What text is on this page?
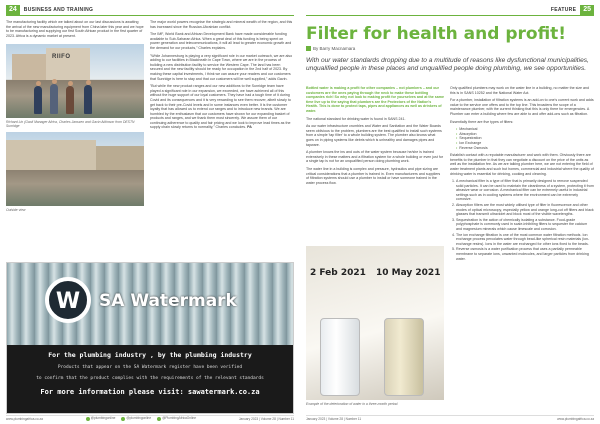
24	BUSINESS AND TRAINING

The manufacturing facility which we talked about on our last discussions is awaiting the arrival of the new manufacturing equipment from China later this year and we hope to be manufacturing and supplying our first South African product in the first quarter of 2023. Africa is a dynamic market at present.

RIIFO
Richard Lin (Gaoli Manager Africa, Charles Janssen and Gavin Atkinson from DESTN Sunridge
Outside view

The major world powers recognise the strategic and mineral wealth of the region, and this has increased since the Russian-Ukrainian conflict.

The IMF, World Bank and African Development Bank have made considerable funding available to Sub-Saharan Africa. When a great deal of this funding is being spent on power generation and telecommunications, it will all lead to greater economic growth and the demand for our products," Charles explains.

"While Johannesburg is playing a very significant role in our market outreach, we are also adding to our facilities in Blackheath in Cape Town, where we are in the process of building a new distribution facility to service the Western Cape. The land has been secured and the new facility should be ready for occupation in the 2nd half of 2023. By making these capital investments, I think we can assure your readers and our customers that Sunridge is here to stay and that our customers will be well supplied," adds Gavin.

"But while the new product ranges and our new additions to the Sunridge team have played a significant role in our expansion, we exceeded, we have achieved all of this without the huge support of our loyal customers. They have had a tough time of it during Covid and its consequences and it is very rewarding to see them recover, albeit slowly to get back to their pre-Covid levels and in some instances even better. It is the customer loyalty that has allowed us to extend our ranges and to introduce new brands. We are humbled by the enthusiasm that our customers have shown for our expanding basket of products and ranges, and we thank them most sincerely. We assure them of our continuing adherence to quality and fair pricing and we look to improve lead times as the supply chain slowly returns to normality," Charles concludes. PA

W
SA Watermark
For the plumbing industry , by the plumbing industry
Products that appear on the SA Watermark register have been verified
to confirm that the product complies with the requirements of the relevant standards
For more information please visit: sawatermark.co.za
www.plumbingafrica.co.za	@plumbingonline	@plumbingonline	@PlumbingAfricaOnline	January 2023 | Volume 28 | Number 11
FEATURE	25
Filter for health and profit!
By Barry Macnamara
With our water standards dropping due to a multitude of reasons like dysfunctional municipalities, unqualified people in these places and unqualified people doing plumbing, we see opportunities.

Bottled water is making a profit for other companies – not plumbers – and our customers are the ones paying through the neck to make these bottling companies rich! So why not look to making profit for yourselves and at the same time live up to the saying that plumbers are the Protectors of the Nation's Health. This is done to protect taps, pipes and appliances as well as drinkers of water.

The national standard for drinking water is found in SANS 241.

As our water infrastructure crumbles and Water and Sanitation and the Water Boards seem oblivious to the problem, plumbers are the best qualified to install such systems from a simple 'tap filter' to a whole building system. The plumber also knows what goes on in piping systems like debris which is unhealthy and damages pipes and tapware.

A plumber knows the ins and outs of the water system because he/she is trained extensively in these matters and a filtration system for a whole building or even just for a single tap is not for an unqualified person doing plumbing work.

The water line in a building is complex and pressure, hydraulics and pipe sizing are critical considerations that a plumber is trained in. Even manufacturers and suppliers of filtration systems should use a plumber to install or have someone trained in the water process flow.

2 Feb 2021 10 May 2021
Example of the deterioration of water in a three-month period.

Only qualified plumbers may work on the water line in a building, no matter the size and this is in SANS 10252 and the National Water Act.

For a plumber, installation of filtration systems is an add-on to one's current work and adds value to the service one offers and to the top line. This broadens the scope of a maintenance plumber, with the current thinking that this is only there for emergencies. A Plumber can enter a building where few are able to and offer add-ons such as filtration.

Essentially there are five types of filters:

• Mechanical
• Absorption
• Sequestration
• Ion Exchange
• Reverse Osmosis

Establish contact with a reputable manufacturer and work with them. Obviously there are benefits to the plumber in that they can negotiate a discount on the price of the units as well as the installation fee. As we are talking plumber here, we are not entering the field of water treatment plants and such but homes, commercial and industrial where the quality of drinking water is essential for drinking, cooking and cleaning.

1. A mechanical filter is a type of filter that is primarily designed to remove suspended solid particles. It can be used to maintain the cleanliness of a system, protecting it from abrasive wear or corrosion. A mechanical filter can be extremely useful in industrial settings such as in cooling systems where the environment can be extremely corrosive.
2. Absorption filters are the most widely utilised type of filter in fluorescence and other modes of optical microscopy, especially yellow and orange long-cut off filters and black glasses that transmit ultraviolet and block most of the visible wavelengths.
3. Sequestration is the action of chemically isolating a substance. Food-grade polyphosphate is commonly used in scale-inhibiting filters to sequester the calcium and magnesium minerals which cause limescale and corrosion.
4. The ion exchange filtration is one of the most common water filtration methods. Ion exchange process percolates water through bead-like spherical resin materials (ion-exchange resins). Ions in the water are exchanged for other ions fixed to the beads.
5. Reverse osmosis is a water purification process that uses a partially permeable membrane to separate ions, unwanted molecules, and larger particles from drinking water.
January 2023 | Volume 28 | Number 11	www.plumbingafrica.co.za
